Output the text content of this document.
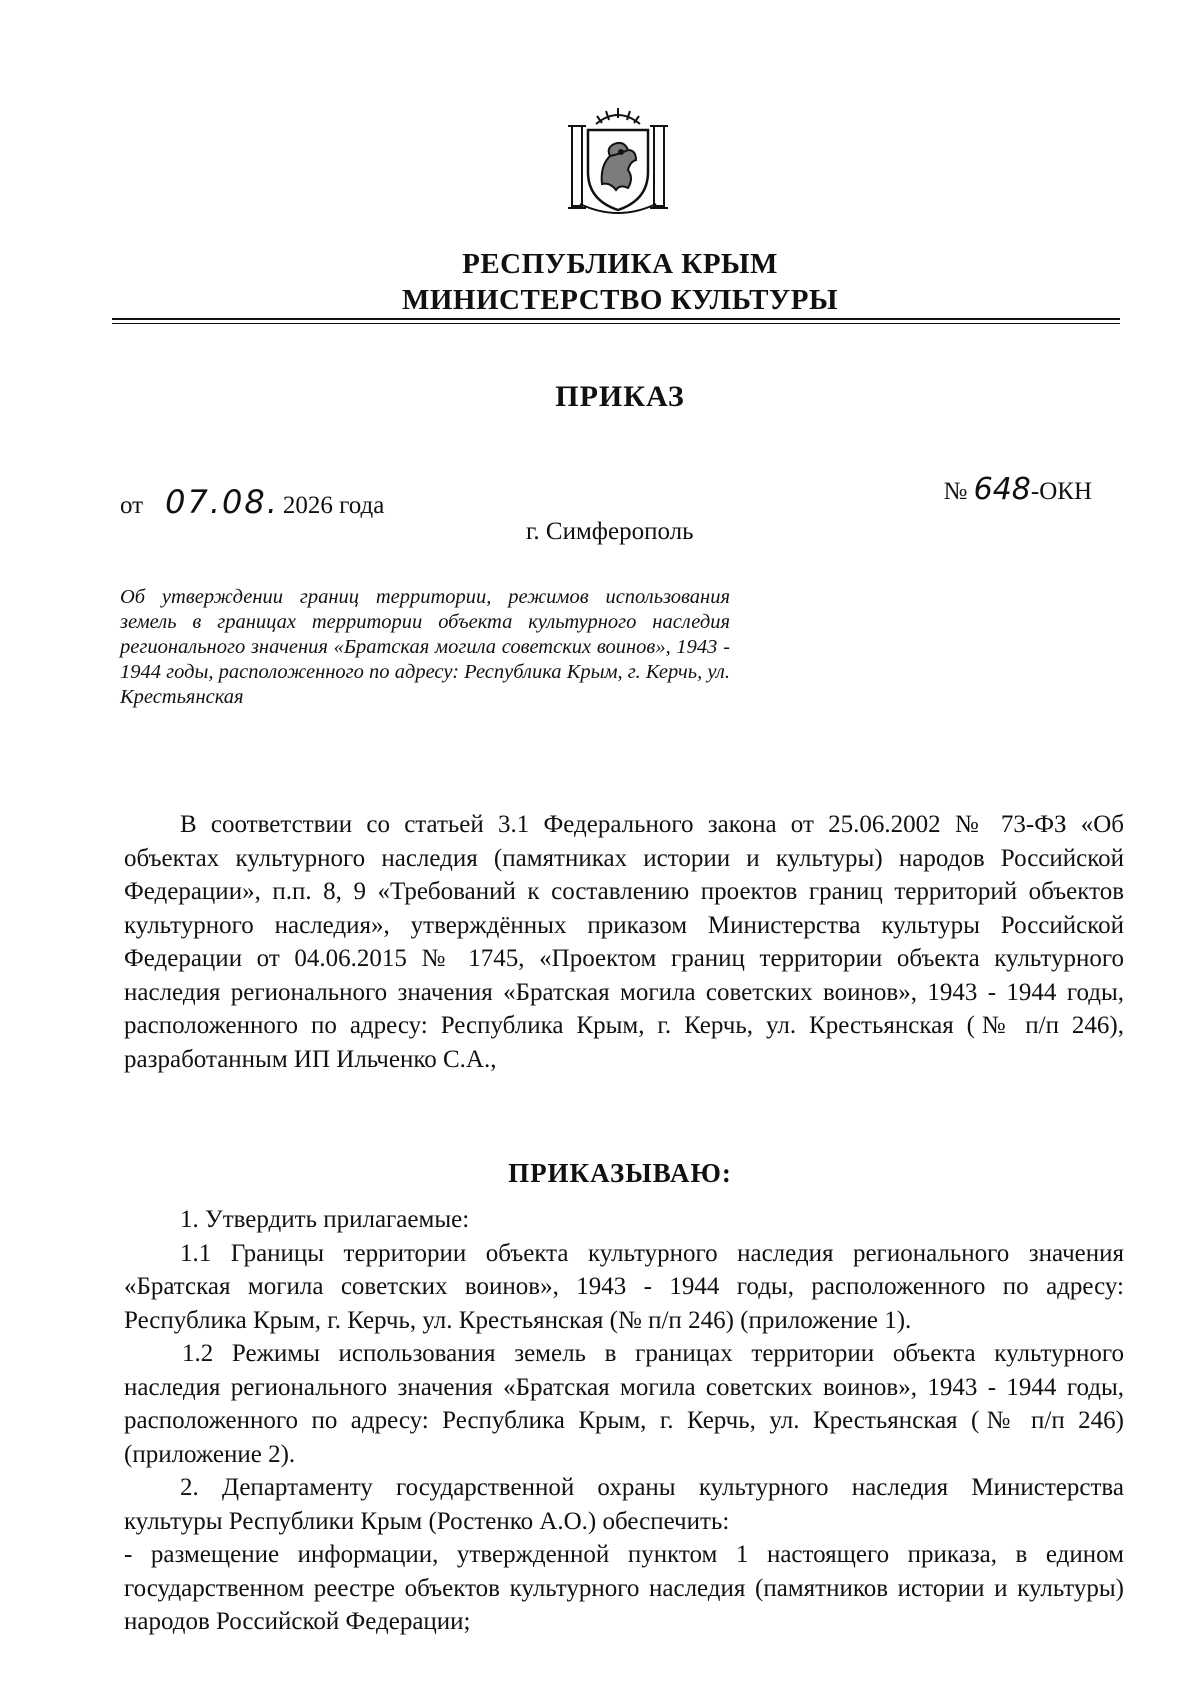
РЕСПУБЛИКА КРЫМ
МИНИСТЕРСТВО КУЛЬТУРЫ
ПРИКАЗ
от 07.08. 2026 года
№ 648-ОКН
г. Симферополь
Об утверждении границ территории, режимов использования земель в границах территории объекта культурного наследия регионального значения «Братская могила советских воинов», 1943 - 1944 годы, расположенного по адресу: Республика Крым, г. Керчь, ул. Крестьянская
В соответствии со статьей 3.1 Федерального закона от 25.06.2002 № 73-ФЗ «Об объектах культурного наследия (памятниках истории и культуры) народов Российской Федерации», п.п. 8, 9 «Требований к составлению проектов границ территорий объектов культурного наследия», утверждённых приказом Министерства культуры Российской Федерации от 04.06.2015 № 1745, «Проектом границ территории объекта культурного наследия регионального значения «Братская могила советских воинов», 1943 - 1944 годы, расположенного по адресу: Республика Крым, г. Керчь, ул. Крестьянская (№ п/п 246), разработанным ИП Ильченко С.А.,
ПРИКАЗЫВАЮ:
1. Утвердить прилагаемые:
1.1 Границы территории объекта культурного наследия регионального значения «Братская могила советских воинов», 1943 - 1944 годы, расположенного по адресу: Республика Крым, г. Керчь, ул. Крестьянская (№ п/п 246) (приложение 1).
1.2 Режимы использования земель в границах территории объекта культурного наследия регионального значения «Братская могила советских воинов», 1943 - 1944 годы, расположенного по адресу: Республика Крым, г. Керчь, ул. Крестьянская (№ п/п 246) (приложение 2).
2. Департаменту государственной охраны культурного наследия Министерства культуры Республики Крым (Ростенко А.О.) обеспечить:
- размещение информации, утвержденной пунктом 1 настоящего приказа, в едином государственном реестре объектов культурного наследия (памятников истории и культуры) народов Российской Федерации;
